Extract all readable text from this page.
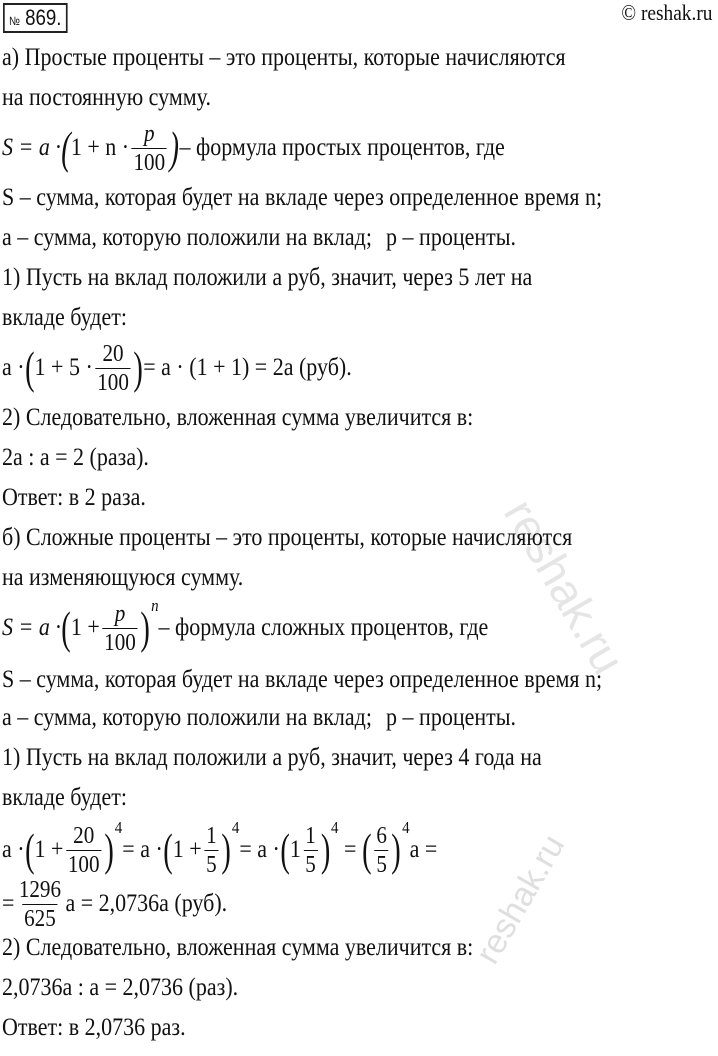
№ 869.	© reshak.ru
reshak.ru
reshak.ru
а) Простые проценты – это проценты, которые начисляются
на постоянную сумму.
S = a · ( $1 + n \cdot \frac{p}{100}$ ) – формула простых процентов, где
S – сумма, которая будет на вкладе через определенное время n;
a – сумма, которую положили на вклад; p – проценты.
1) Пусть на вклад положили a руб, значит, через 5 лет на
вкладе будет:
a · ( $1 + 5 \cdot \frac{20}{100}$ ) = a · (1 + 1) = 2a (руб).
2) Следовательно, вложенная сумма увеличится в:
2a : a = 2 (раза).
Ответ: в 2 раза.
б) Сложные проценты – это проценты, которые начисляются
на изменяющуюся сумму.
S = a · ( $1 + \frac{p}{100}$ ) n
– формула сложных процентов, где
S – сумма, которая будет на вкладе через определенное время n;
a – сумма, которую положили на вклад; p – проценты.
1) Пусть на вклад положили a руб, значит, через 4 года на
вкладе будет:
a · ( $1 + \frac{20}{100}$ ) 4
= a · ( $1 + \frac{1}{5}$ ) 4
= a · ( $1 \frac{1}{5}$ ) 4
= ( $\frac{6}{5}$ ) 4
a =
= $\frac{1296}{625}$ a = 2,0736a (руб).
2) Следовательно, вложенная сумма увеличится в:
2,0736a : a = 2,0736 (раз).
Ответ: в 2,0736 раз.
